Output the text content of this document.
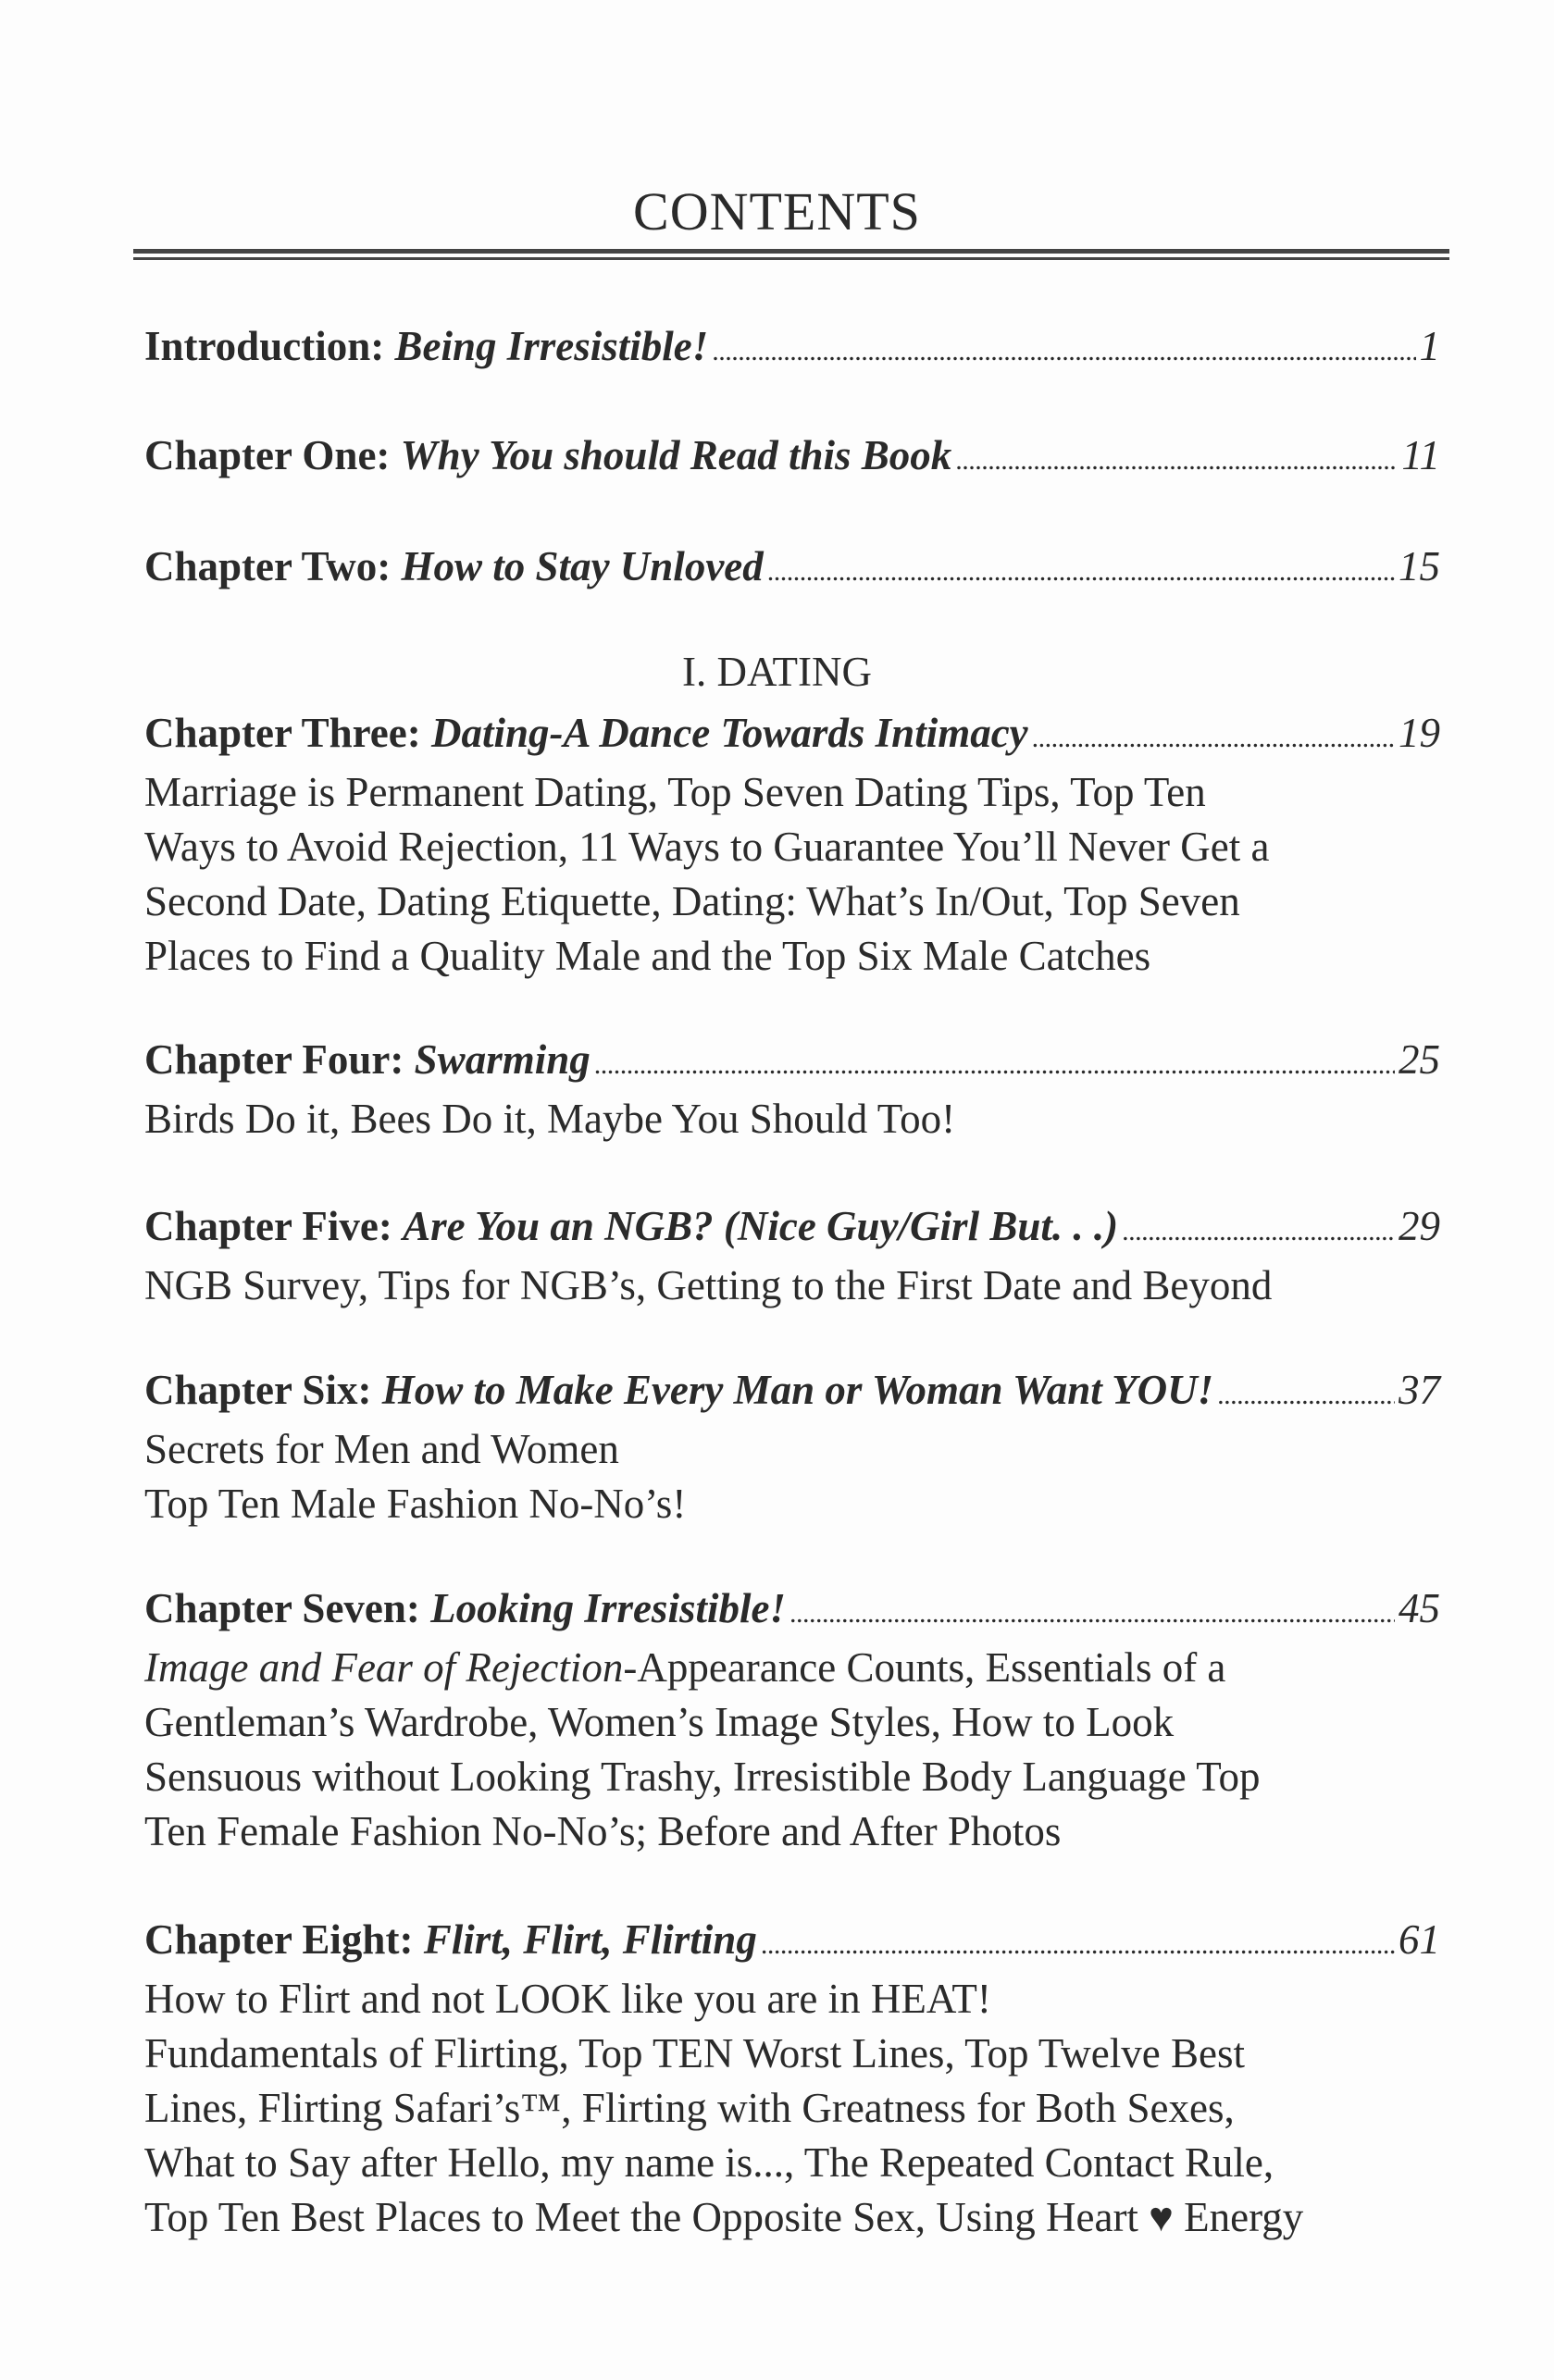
CONTENTS
I. DATING
Introduction:
Being Irresistible! . . .	1
Chapter One:
Why You should Read this Book . . .	11
Chapter Two:
How to Stay Unloved . . .	15
Chapter Three:
Dating-A Dance Towards Intimacy . . .	19
Marriage is Permanent Dating, Top Seven Dating Tips, Top Ten
Ways to Avoid Rejection, 11 Ways to Guarantee You’ll Never Get a
Second Date, Dating Etiquette, Dating: What’s In/Out, Top Seven
Places to Find a Quality Male and the Top Six Male Catches
Chapter Four:
Swarming . . .	25
Birds Do it, Bees Do it, Maybe You Should Too!
Chapter Five:
Are You an NGB? (Nice Guy/Girl But. . .) . . .	29
NGB Survey, Tips for NGB’s, Getting to the First Date and Beyond
Chapter Six:
How to Make Every Man or Woman Want YOU! . . .	37
Secrets for Men and Women
Top Ten Male Fashion No-No’s!
Chapter Seven:
Looking Irresistible! . . .	45
Image and Fear of Rejection-Appearance Counts, Essentials of a
Gentleman’s Wardrobe, Women’s Image Styles, How to Look
Sensuous without Looking Trashy, Irresistible Body Language Top
Ten Female Fashion No-No’s; Before and After Photos
Chapter Eight:
Flirt, Flirt, Flirting . . .	61
How to Flirt and not LOOK like you are in HEAT!
Fundamentals of Flirting, Top TEN Worst Lines, Top Twelve Best
Lines, Flirting Safari’s™, Flirting with Greatness for Both Sexes,
What to Say after Hello, my name is..., The Repeated Contact Rule,
Top Ten Best Places to Meet the Opposite Sex, Using Heart ♥ Energy
